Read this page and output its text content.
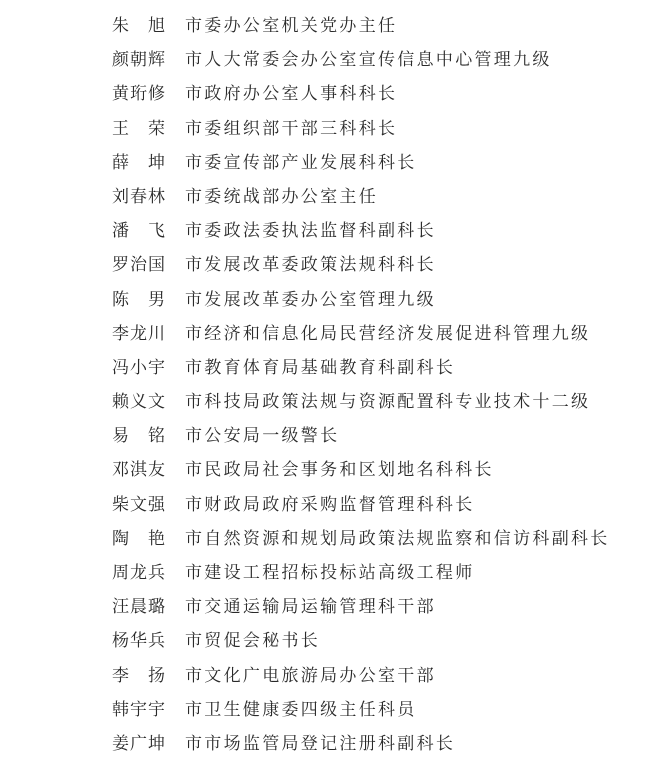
朱　旭	市委办公室机关党办主任
颜朝辉	市人大常委会办公室宣传信息中心管理九级
黄珩修	市政府办公室人事科科长
王　荣	市委组织部干部三科科长
薛　坤	市委宣传部产业发展科科长
刘春林	市委统战部办公室主任
潘　飞	市委政法委执法监督科副科长
罗治国	市发展改革委政策法规科科长
陈　男	市发展改革委办公室管理九级
李龙川	市经济和信息化局民营经济发展促进科管理九级
冯小宇	市教育体育局基础教育科副科长
赖义文	市科技局政策法规与资源配置科专业技术十二级
易　铭	市公安局一级警长
邓淇友	市民政局社会事务和区划地名科科长
柴文强	市财政局政府采购监督管理科科长
陶　艳	市自然资源和规划局政策法规监察和信访科副科长
周龙兵	市建设工程招标投标站高级工程师
汪晨璐	市交通运输局运输管理科干部
杨华兵	市贸促会秘书长
李　扬	市文化广电旅游局办公室干部
韩宇宇	市卫生健康委四级主任科员
姜广坤	市市场监管局登记注册科副科长
